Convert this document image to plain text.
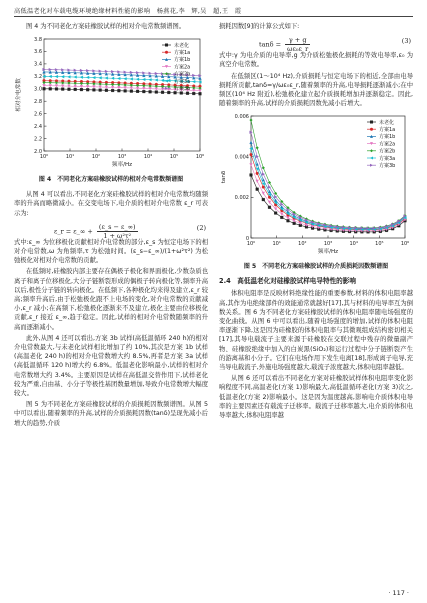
高低温老化对车载电缆环境绝缘材料性能的影响　杨燕花,李　辉,吴　超,王　霞

图 4 为不同老化方案硅橡胶试样的相对介电常数频谱图。

10⁰	10¹	10²	10³	10⁴	10⁵	10⁶
2.0
2.2
2.4
2.6
2.8
3.0
3.2
3.4
3.6
3.8
频率/Hz
相对介电常数
未老化
方案1a
方案1b
方案2a
方案2b
方案3a
方案3b
图 4　不同老化方案硅橡胶试样的相对介电常数频谱图

从图 4 可以看出,不同老化方案硅橡胶试样的相对介电常数均随频率的升高而略微减小。在交变电场下,电介质的相对介电常数 ε_r 可表示为:

ε_r = ε_∞ + $\frac{(\varepsilon\_s - \varepsilon\_\infty)}{\text{1 + ω²τ²}}$	(2)

式中:ε_∞ 为位移极化贡献相对介电常数的部分,ε_s 为恒定电场下的相对介电常数,ω 为角频率,τ 为松弛时间。(ε_s−ε_∞)/(1+ω²τ²) 为松弛极化对相对介电常数的贡献。

在低频时,硅橡胶内部主要存在偶极子极化和界面极化,少数杂质也离子和离子位移极化,大分子链断裂形成的偶极子转向极化等,频率升高以后,极性分子链的转向极化。在低频下,各种极化均来得及建立,ε_r 较高;频率升高后,由于松弛极化跟不上电场的变化,对介电常数的贡献减小,ε_r 减小;在高频下,松弛极化逐渐来不及建立,极化主要由位移极化贡献,ε_r 接近 ε_∞,趋于稳定。因此,试样的相对介电常数随频率的升高而逐渐减小。

此外,从图 4 还可以看出,方案 3b 试样(高低温循环 240 h)的相对介电常数最大,与未老化试样相比增加了约 10%,其次是方案 1b 试样(高温老化 240 h)的相对介电常数增大约 8.5%,再者是方案 3a 试样(高低温循环 120 h)增大约 6.8%。低温老化影响最小,试样的相对介电常数增大约 3.4%。主要原因是试样在高低温交替作用下,试样老化较为严重,自由基、小分子等极性基团数量增加,导致介电常数增大幅度较大。

图 5 为不同老化方案硅橡胶试样的介质损耗因数频谱图。从图 5 中可以看出,随着频率的升高,试样的介质损耗因数(tanδ)呈现先减小后增大的趋势,介质

损耗因数[9]的计算公式如下:

$\tan\delta = \frac{\gamma + g}{\text{ωε₀ε\_r}}$	(3)

式中:γ 为电介质的电导率,g 为介质松弛极化损耗的等效电导率,ε₀ 为真空介电常数。

在低频区(1～10⁴ Hz),介质损耗与恒定电场下的相近,全部由电导损耗所贡献,tanδ=γ/ωε₀ε_r,随着频率的升高,电导损耗逐渐减小;在中频区(10⁴ Hz 附近),松弛极化建立起介质损耗增加并逐渐稳定。因此,随着频率的升高,试样的介质损耗因数先减小后增大。

10⁰	10¹	10²	10³	10⁴	10⁵	10⁶
0
0.002
0.004
0.006
频率/Hz
tanδ
未老化
方案1a
方案1b
方案2a
方案2b
方案3a
方案3b
图 5　不同老化方案硅橡胶试样的介质损耗因数频谱图
2.4　高低温老化对硅橡胶试样电导特性的影响

体积电阻率是反映材料绝缘性能的重要参数,材料的体积电阻率越高,其作为电绝缘部件的效能通常就越好[17],其与材料的电导率互为倒数关系。图 6 为不同老化方案硅橡胶试样的体积电阻率随电场强度的变化曲线。从图 6 中可以看出,随着电场强度的增加,试样的体积电阻率逐渐下降,这是因为硅橡胶的体积电阻率与其微观组成结构密切相关[17],其导电载流子主要来源于硅橡胶在交联过程中残存的微量副产物、硅橡胶绝缘中加入的白炭黑(SiO₂)和运行过程中分子链断裂产生的游离基和小分子。它们在电场作用下发生电离[18],形成离子电导,充当导电载流子,外施电场强度越大,载流子浓度越大,体积电阻率越低。

从图 6 还可以看出不同老化方案对硅橡胶试样体积电阻率变化影响程度不同,高温老化(方案 1)影响最大,高低温循环老化(方案 3)次之,低温老化(方案 2)影响最小。这是因为温度越高,影响电介质体积电导率的主要因素还有载流子迁移率。载流子迁移率越大,电介质的体积电导率越大,体积电阻率越

· 117 ·
